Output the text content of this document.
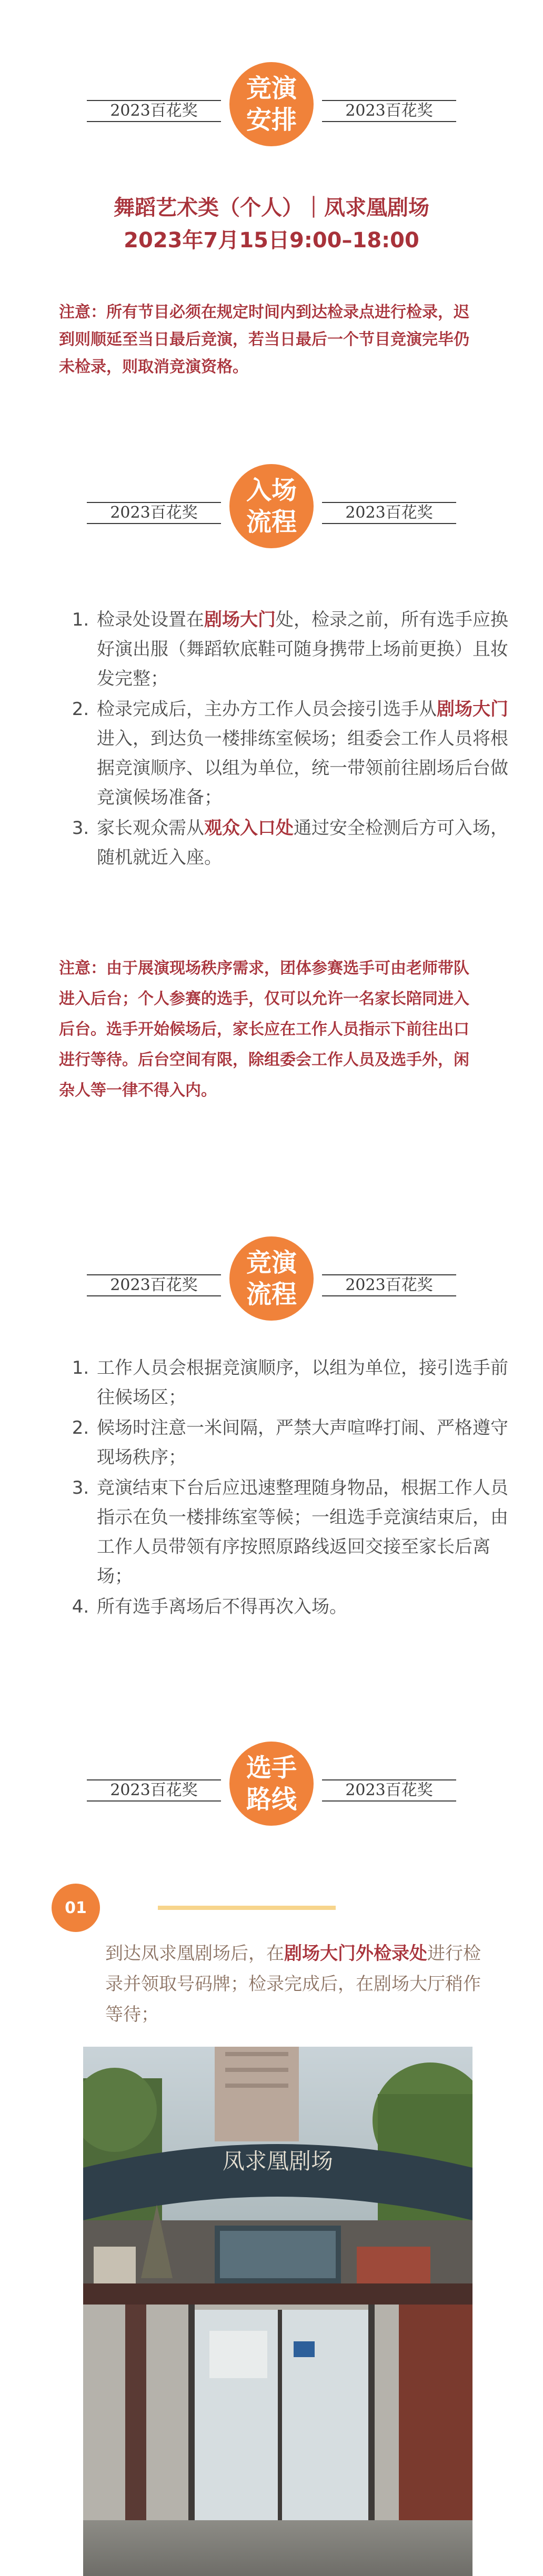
2023百花奖	2023百花奖
竞演
安排
舞蹈艺术类（个人）｜凤求凰剧场
2023年7月15日9:00–18:00
注意：所有节目必须在规定时间内到达检录点进行检录，迟到则顺延至当日最后竞演，若当日最后一个节目竞演完毕仍未检录，则取消竞演资格。
2023百花奖	2023百花奖
入场
流程
1. 检录处设置在剧场大门处，检录之前，所有选手应换好演出服（舞蹈软底鞋可随身携带上场前更换）且妆发完整；
2. 检录完成后，主办方工作人员会接引选手从剧场大门进入，到达负一楼排练室候场；组委会工作人员将根据竞演顺序、以组为单位，统一带领前往剧场后台做竞演候场准备；
3. 家长观众需从观众入口处通过安全检测后方可入场，随机就近入座。
注意：由于展演现场秩序需求，团体参赛选手可由老师带队进入后台；个人参赛的选手，仅可以允许一名家长陪同进入后台。选手开始候场后，家长应在工作人员指示下前往出口进行等待。后台空间有限，除组委会工作人员及选手外，闲杂人等一律不得入内。
2023百花奖	2023百花奖
竞演
流程
1. 工作人员会根据竞演顺序，以组为单位，接引选手前往候场区；
2. 候场时注意一米间隔，严禁大声喧哗打闹、严格遵守现场秩序；
3. 竞演结束下台后应迅速整理随身物品，根据工作人员指示在负一楼排练室等候；一组选手竞演结束后，由工作人员带领有序按照原路线返回交接至家长后离场；
4. 所有选手离场后不得再次入场。
2023百花奖	2023百花奖
选手
路线
01
到达凤求凰剧场后，在剧场大门外检录处进行检录并领取号码牌；检录完成后，在剧场大厅稍作等待；
凤求凰剧场
